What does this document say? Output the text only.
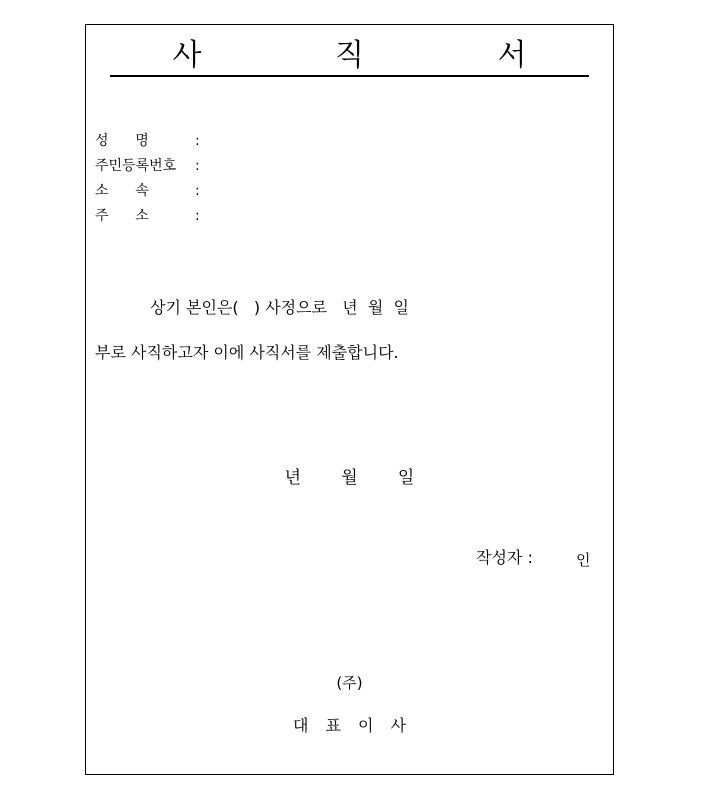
사 직 서
성      명	:
주민등록번호 :
소      속	:
주      소	:
상기 본인은(   ) 사정으로   년  월  일
부로 사직하고자 이에 사직서를 제출합니다.
년   월   일
작성자 :	인
(주)
대 표 이 사
